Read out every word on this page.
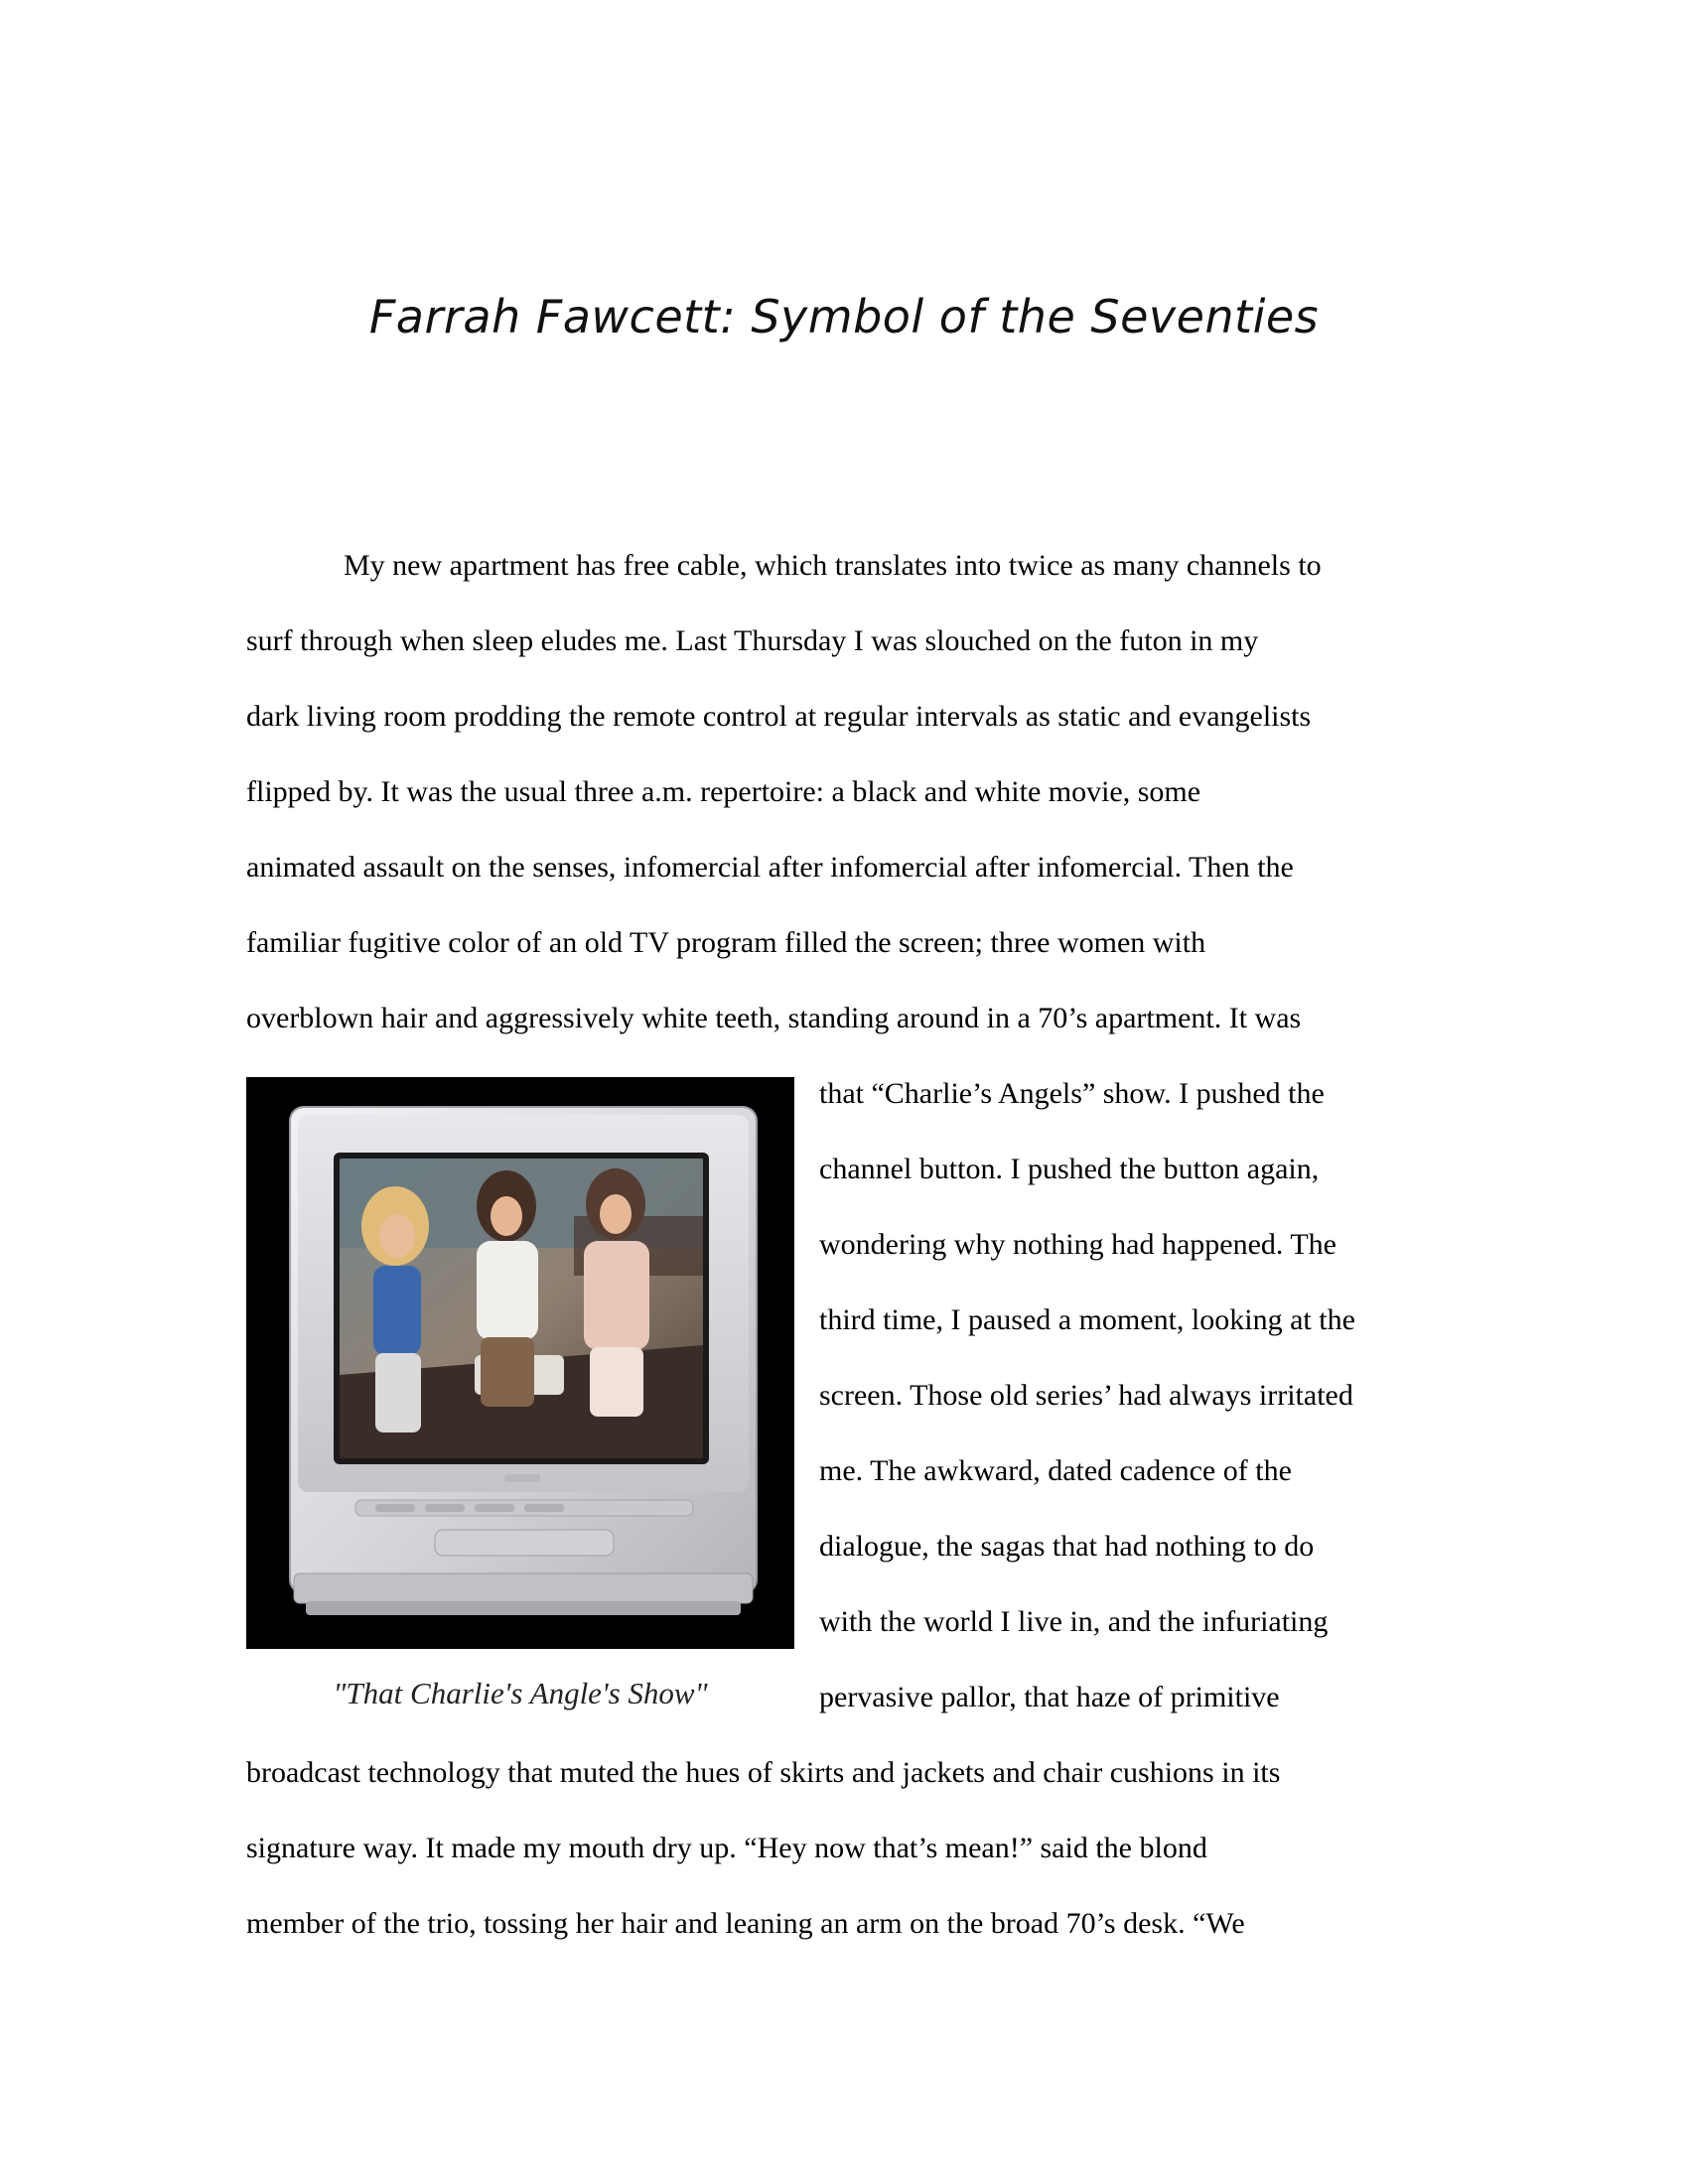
Farrah Fawcett: Symbol of the Seventies
My new apartment has free cable, which translates into twice as many channels to
surf through when sleep eludes me. Last Thursday I was slouched on the futon in my
dark living room prodding the remote control at regular intervals as static and evangelists
flipped by. It was the usual three a.m. repertoire: a black and white movie, some
animated assault on the senses, infomercial after infomercial after infomercial. Then the
familiar fugitive color of an old TV program filled the screen; three women with
overblown hair and aggressively white teeth, standing around in a 70’s apartment. It was
"That Charlie's Angle's Show"
that “Charlie’s Angels” show. I pushed the
channel button. I pushed the button again,
wondering why nothing had happened. The
third time, I paused a moment, looking at the
screen. Those old series’ had always irritated
me. The awkward, dated cadence of the
dialogue, the sagas that had nothing to do
with the world I live in, and the infuriating
pervasive pallor, that haze of primitive
broadcast technology that muted the hues of skirts and jackets and chair cushions in its
signature way. It made my mouth dry up. “Hey now that’s mean!” said the blond
member of the trio, tossing her hair and leaning an arm on the broad 70’s desk. “We
